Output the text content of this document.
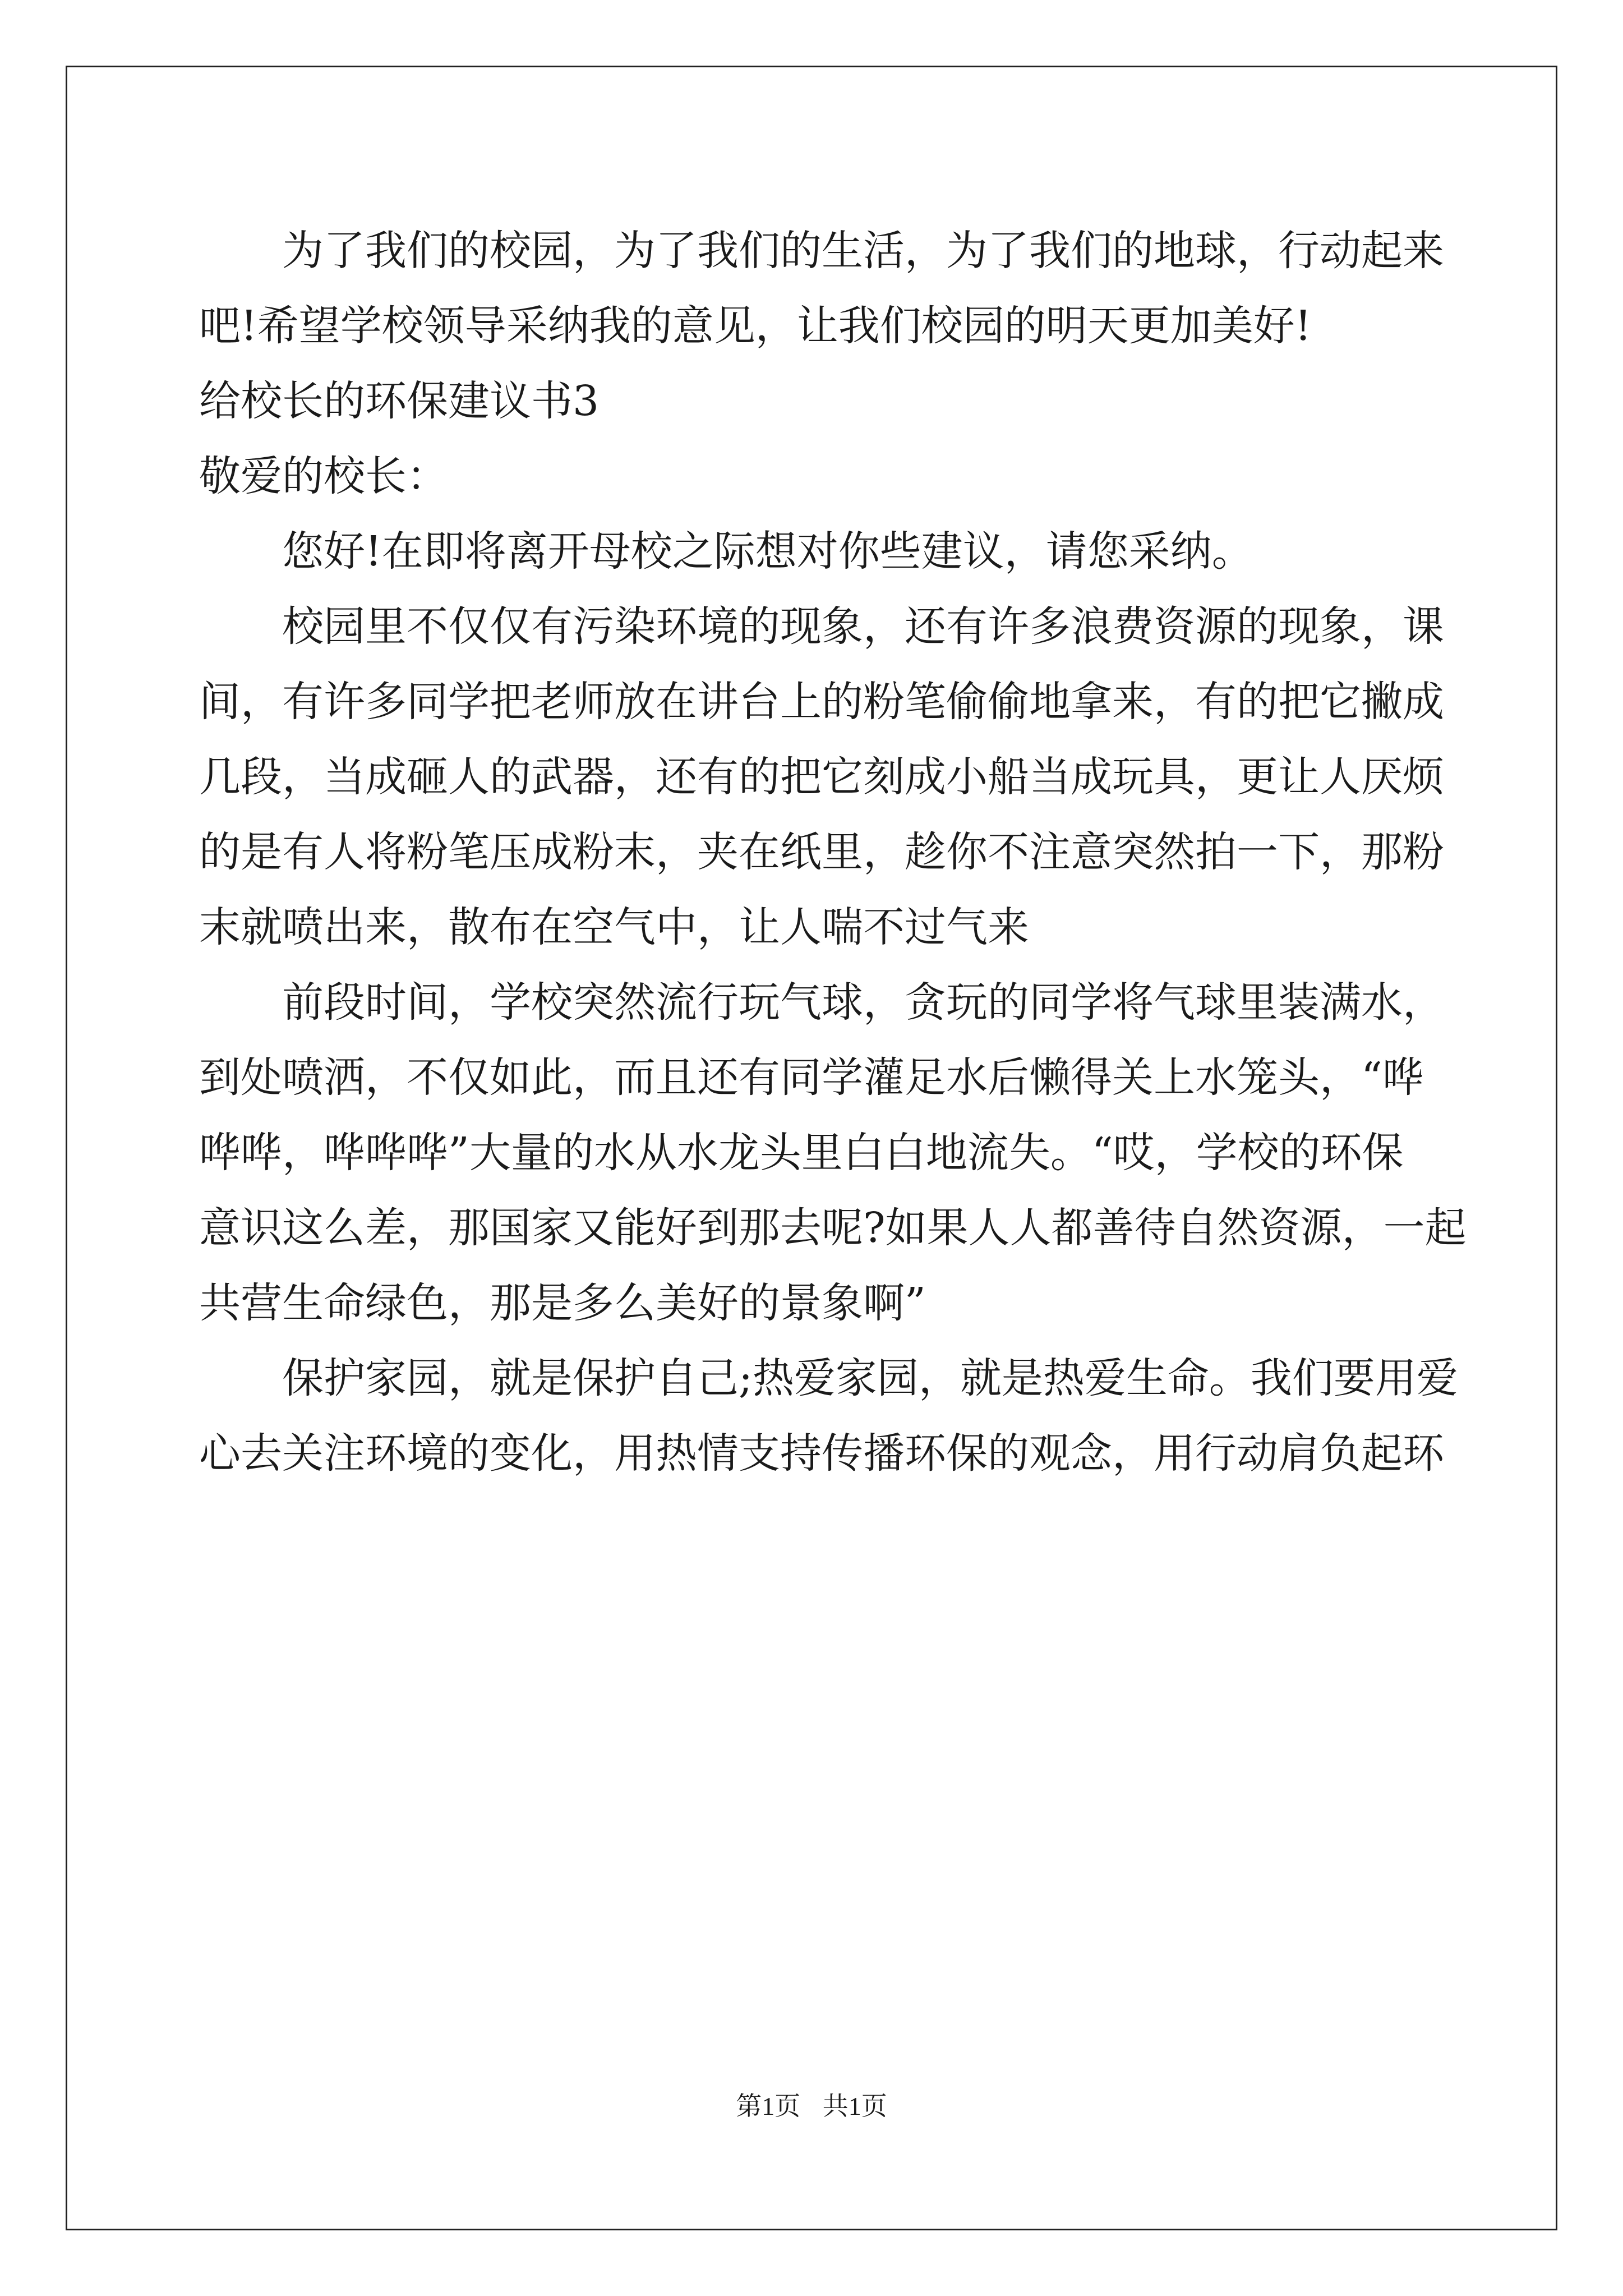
为了我们的校园，为了我们的生活，为了我们的地球，行动起来

吧!希望学校领导采纳我的意见，让我们校园的明天更加美好!

给校长的环保建议书3

敬爱的校长：

您好!在即将离开母校之际想对你些建议，请您采纳。

校园里不仅仅有污染环境的现象，还有许多浪费资源的现象，课

间，有许多同学把老师放在讲台上的粉笔偷偷地拿来，有的把它撇成

几段，当成砸人的武器，还有的把它刻成小船当成玩具，更让人厌烦

的是有人将粉笔压成粉末，夹在纸里，趁你不注意突然拍一下，那粉

末就喷出来，散布在空气中，让人喘不过气来

前段时间，学校突然流行玩气球，贪玩的同学将气球里装满水，

到处喷洒，不仅如此，而且还有同学灌足水后懒得关上水笼头，“哗

哗哗，哗哗哗”大量的水从水龙头里白白地流失。“哎，学校的环保

意识这么差，那国家又能好到那去呢?如果人人都善待自然资源，一起

共营生命绿色，那是多么美好的景象啊”

保护家园，就是保护自己;热爱家园，就是热爱生命。我们要用爱

心去关注环境的变化，用热情支持传播环保的观念，用行动肩负起环

第1页 共1页
